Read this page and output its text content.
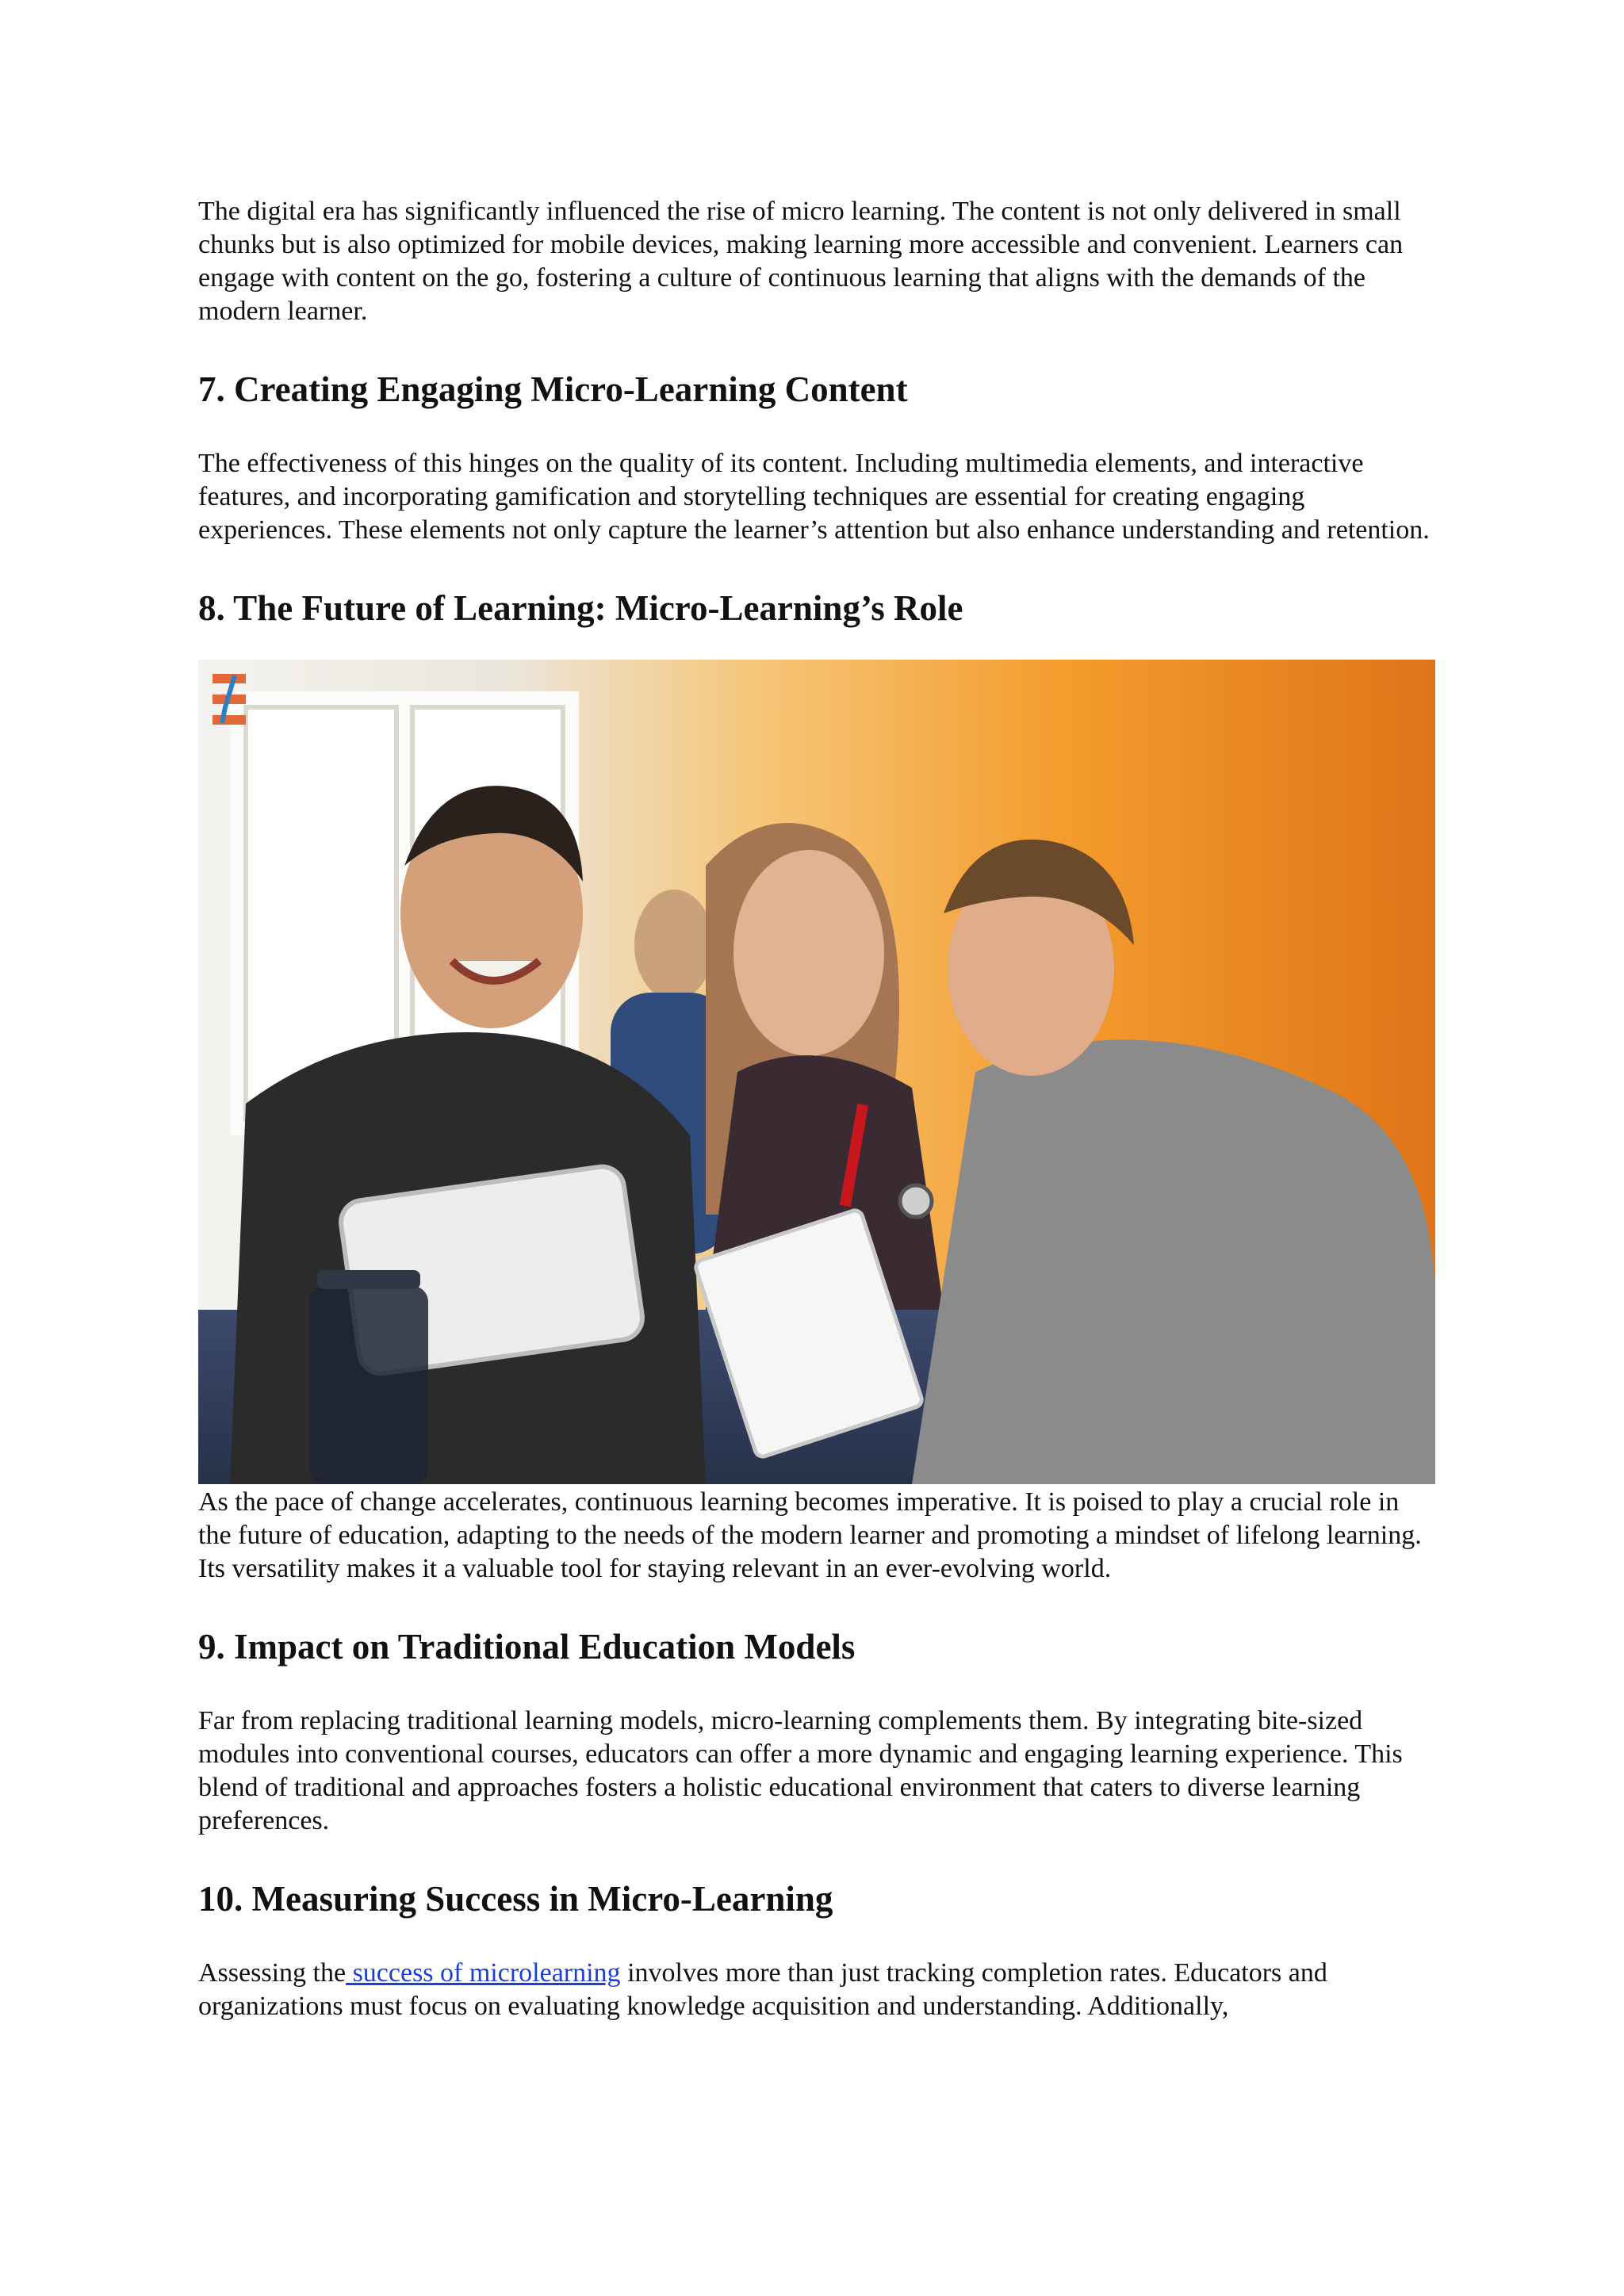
The digital era has significantly influenced the rise of micro learning. The content is not only delivered in small chunks but is also optimized for mobile devices, making learning more accessible and convenient. Learners can engage with content on the go, fostering a culture of continuous learning that aligns with the demands of the modern learner.

7. Creating Engaging Micro-Learning Content

The effectiveness of this hinges on the quality of its content. Including multimedia elements, and interactive features, and incorporating gamification and storytelling techniques are essential for creating engaging experiences. These elements not only capture the learner’s attention but also enhance understanding and retention.

8. The Future of Learning: Micro-Learning’s Role

As the pace of change accelerates, continuous learning becomes imperative. It is poised to play a crucial role in the future of education, adapting to the needs of the modern learner and promoting a mindset of lifelong learning. Its versatility makes it a valuable tool for staying relevant in an ever-evolving world.

9. Impact on Traditional Education Models

Far from replacing traditional learning models, micro-learning complements them. By integrating bite-sized modules into conventional courses, educators can offer a more dynamic and engaging learning experience. This blend of traditional and approaches fosters a holistic educational environment that caters to diverse learning preferences.

10. Measuring Success in Micro-Learning

Assessing the success of microlearning involves more than just tracking completion rates. Educators and organizations must focus on evaluating knowledge acquisition and understanding. Additionally,
